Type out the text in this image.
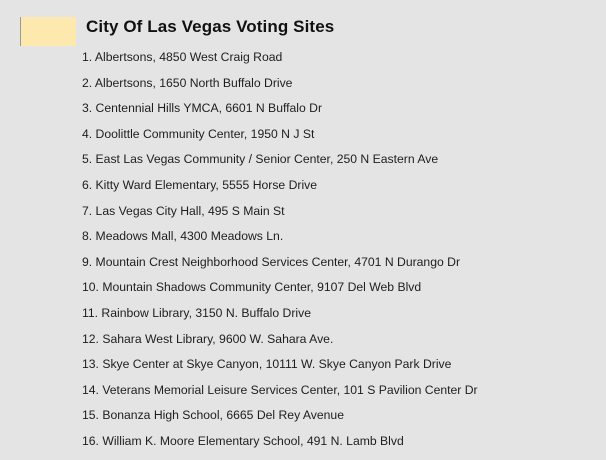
City Of Las Vegas Voting Sites
1. Albertsons, 4850 West Craig Road
2. Albertsons, 1650 North Buffalo Drive
3. Centennial Hills YMCA, 6601 N Buffalo Dr
4. Doolittle Community Center, 1950 N J St
5. East Las Vegas Community / Senior Center, 250 N Eastern Ave
6. Kitty Ward Elementary, 5555 Horse Drive
7. Las Vegas City Hall, 495 S Main St
8. Meadows Mall, 4300 Meadows Ln.
9. Mountain Crest Neighborhood Services Center, 4701 N Durango Dr
10. Mountain Shadows Community Center, 9107 Del Web Blvd
11. Rainbow Library, 3150 N. Buffalo Drive
12. Sahara West Library, 9600 W. Sahara Ave.
13. Skye Center at Skye Canyon, 10111 W. Skye Canyon Park Drive
14. Veterans Memorial Leisure Services Center, 101 S Pavilion Center Dr
15. Bonanza High School, 6665 Del Rey Avenue
16. William K. Moore Elementary School, 491 N. Lamb Blvd
